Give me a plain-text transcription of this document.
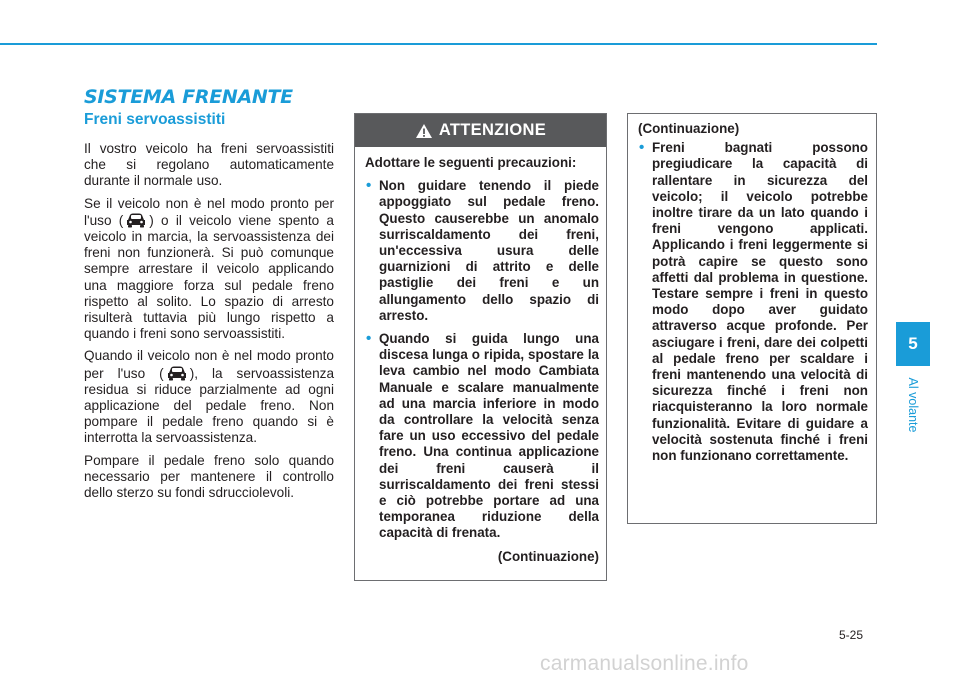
SISTEMA FRENANTE
Freni servoassistiti

Il vostro veicolo ha freni servoassistiti che si regolano automaticamente durante il normale uso.

Se il veicolo non è nel modo pronto per l'uso ( ) o il veicolo viene spento a veicolo in marcia, la servoassistenza dei freni non funzionerà. Si può comunque sempre arrestare il veicolo applicando una maggiore forza sul pedale freno rispetto al solito. Lo spazio di arresto risulterà tuttavia più lungo rispetto a quando i freni sono servoassistiti.

Quando il veicolo non è nel modo pronto per l'uso ( ), la servoassistenza residua si riduce parzialmente ad ogni applicazione del pedale freno. Non pompare il pedale freno quando si è interrotta la servoassistenza.

Pompare il pedale freno solo quando necessario per mantenere il controllo dello sterzo su fondi sdrucciolevoli.

ATTENZIONE
Adottare le seguenti precauzioni:
• Non guidare tenendo il piede appoggiato sul pedale freno. Questo causerebbe un anomalo surriscaldamento dei freni, un'eccessiva usura delle guarnizioni di attrito e delle pastiglie dei freni e un allungamento dello spazio di arresto.
• Quando si guida lungo una discesa lunga o ripida, spostare la leva cambio nel modo Cambiata Manuale e scalare manualmente ad una marcia inferiore in modo da controllare la velocità senza fare un uso eccessivo del pedale freno. Una continua applicazione dei freni causerà il surriscaldamento dei freni stessi e ciò potrebbe portare ad una temporanea riduzione della capacità di frenata.
(Continuazione)
(Continuazione)
• Freni bagnati possono pregiudicare la capacità di rallentare in sicurezza del veicolo; il veicolo potrebbe inoltre tirare da un lato quando i freni vengono applicati. Applicando i freni leggermente si potrà capire se questo sono affetti dal problema in questione. Testare sempre i freni in questo modo dopo aver guidato attraverso acque profonde. Per asciugare i freni, dare dei colpetti al pedale freno per scaldare i freni mantenendo una velocità di sicurezza finché i freni non riacquisteranno la loro normale funzionalità. Evitare di guidare a velocità sostenuta finché i freni non funzionano correttamente.
5
Al volante
5-25
carmanualsonline.info
